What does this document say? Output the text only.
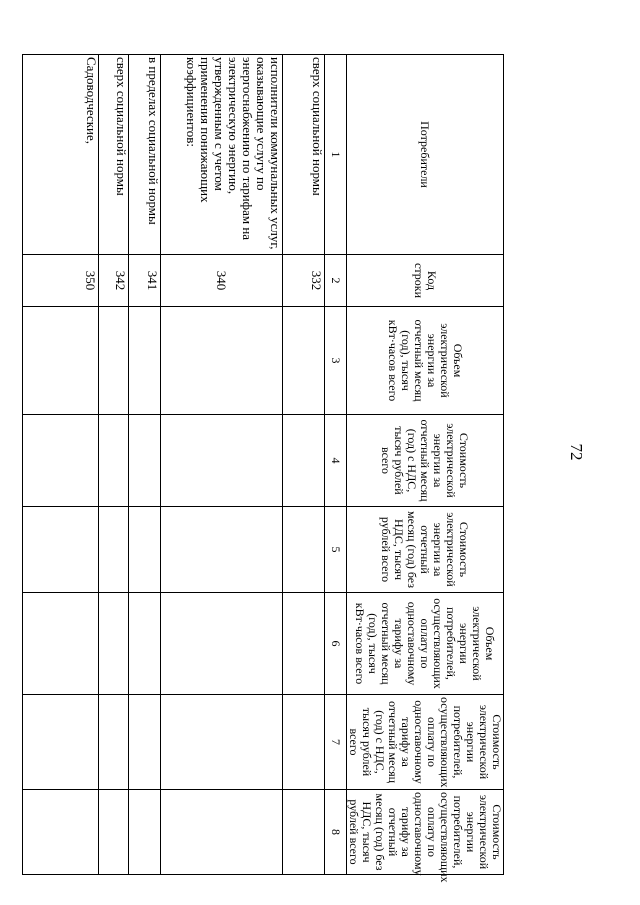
72
Потребители	Код строки	Объем электрической энергии за отчетный месяц (год), тысяч кВт·часов всего	Стоимость электрической энергии за отчетный месяц (год) с НДС, тысяч рублей всего	Стоимость электрической энергии за отчетный месяц (год) без НДС, тысяч рублей всего	Объем электрической энергии потребителей, осуществляющих оплату по одноставочному тарифу за отчетный месяц (год), тысяч кВт·часов всего	Стоимость электрической энергии потребителей, осуществляющих оплату по одноставочному тарифу за отчетный месяц (год) с НДС, тысяч рублей всего	Стоимость электрической энергии потребителей, осуществляющих оплату по одноставочному тарифу за отчетный месяц (год) без НДС, тысяч рублей всего
1	2	3	4	5	6	7	8
сверх социальной нормы	332						
исполнители коммунальных услуг, оказывающие услугу по энергоснабжению по тарифам на электрическую энергию, утвержденным с учетом применения понижающих коэффициентов:	340						
в пределах социальной нормы	341						
сверх социальной нормы	342						
Садоводческие,	350						
